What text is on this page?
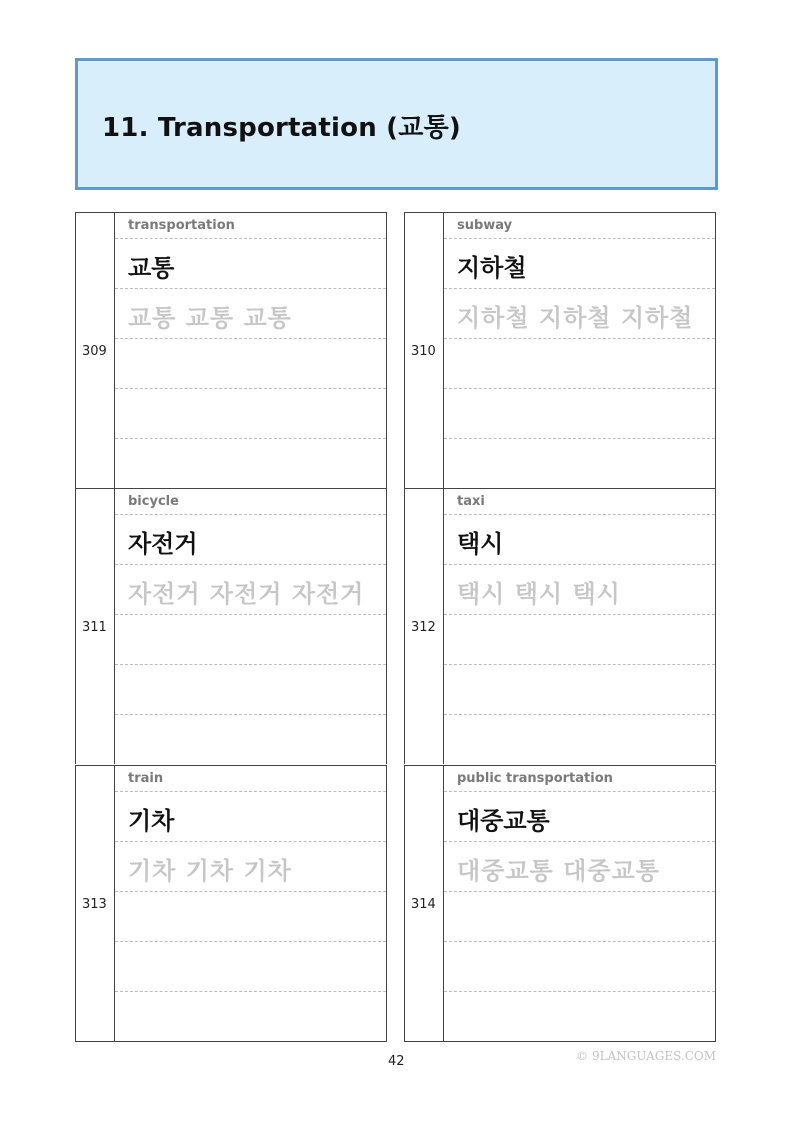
11. Transportation (교통)
309
transportation
교통
교통 교통 교통
310
subway
지하철
지하철 지하철 지하철
311
bicycle
자전거
자전거 자전거 자전거
312
taxi
택시
택시 택시 택시
313
train
기차
기차 기차 기차
314
public transportation
대중교통
대중교통 대중교통
42	© 9LANGUAGES.COM
